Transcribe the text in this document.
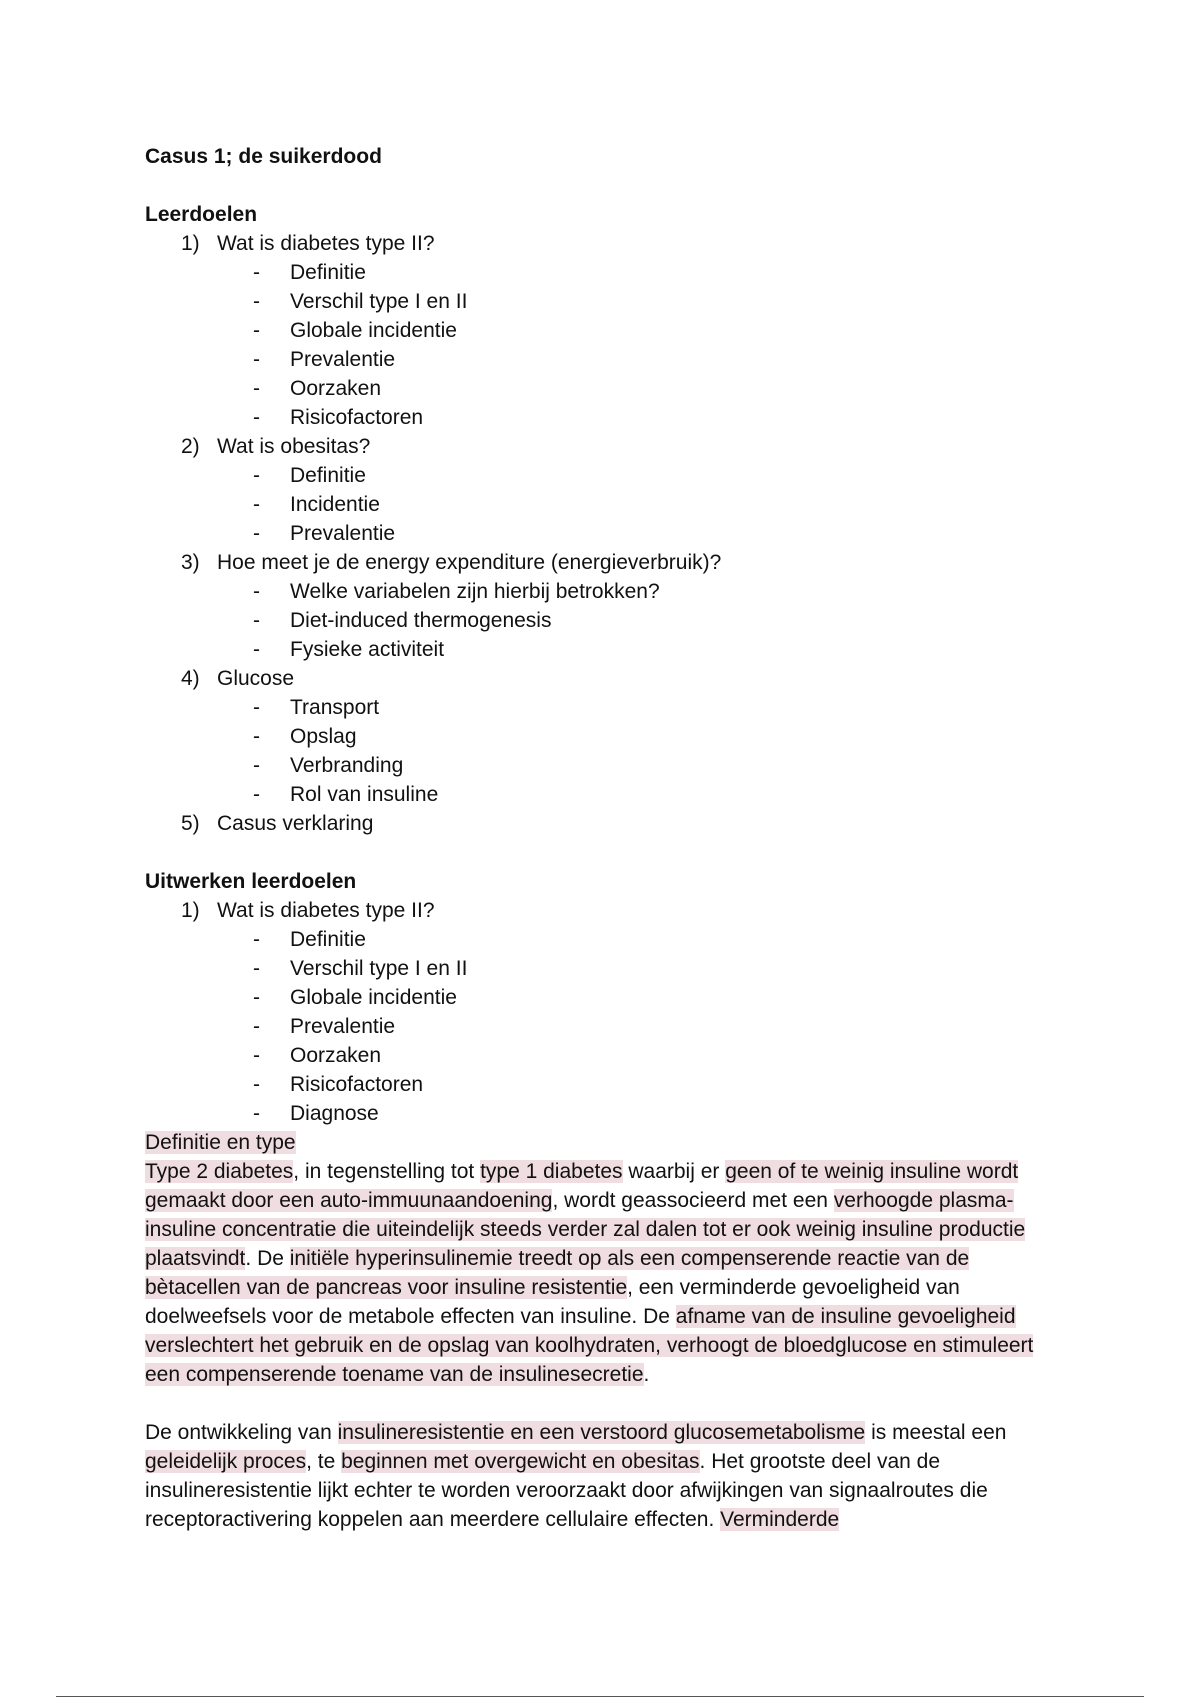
Casus 1; de suikerdood
Leerdoelen
1) Wat is diabetes type II?
- Definitie
- Verschil type I en II
- Globale incidentie
- Prevalentie
- Oorzaken
- Risicofactoren
2) Wat is obesitas?
- Definitie
- Incidentie
- Prevalentie
3) Hoe meet je de energy expenditure (energieverbruik)?
- Welke variabelen zijn hierbij betrokken?
- Diet-induced thermogenesis
- Fysieke activiteit
4) Glucose
- Transport
- Opslag
- Verbranding
- Rol van insuline
5) Casus verklaring
Uitwerken leerdoelen
1) Wat is diabetes type II?
- Definitie
- Verschil type I en II
- Globale incidentie
- Prevalentie
- Oorzaken
- Risicofactoren
- Diagnose
Definitie en type

Type 2 diabetes, in tegenstelling tot type 1 diabetes waarbij er geen of te weinig insuline wordt gemaakt door een auto-immuunaandoening, wordt geassocieerd met een verhoogde plasma-insuline concentratie die uiteindelijk steeds verder zal dalen tot er ook weinig insuline productie plaatsvindt. De initiële hyperinsulinemie treedt op als een compenserende reactie van de bètacellen van de pancreas voor insuline resistentie, een verminderde gevoeligheid van doelweefsels voor de metabole effecten van insuline. De afname van de insuline gevoeligheid verslechtert het gebruik en de opslag van koolhydraten, verhoogt de bloedglucose en stimuleert een compenserende toename van de insulinesecretie.

De ontwikkeling van insulineresistentie en een verstoord glucosemetabolisme is meestal een geleidelijk proces, te beginnen met overgewicht en obesitas. Het grootste deel van de insulineresistentie lijkt echter te worden veroorzaakt door afwijkingen van signaalroutes die receptoractivering koppelen aan meerdere cellulaire effecten. Verminderde
